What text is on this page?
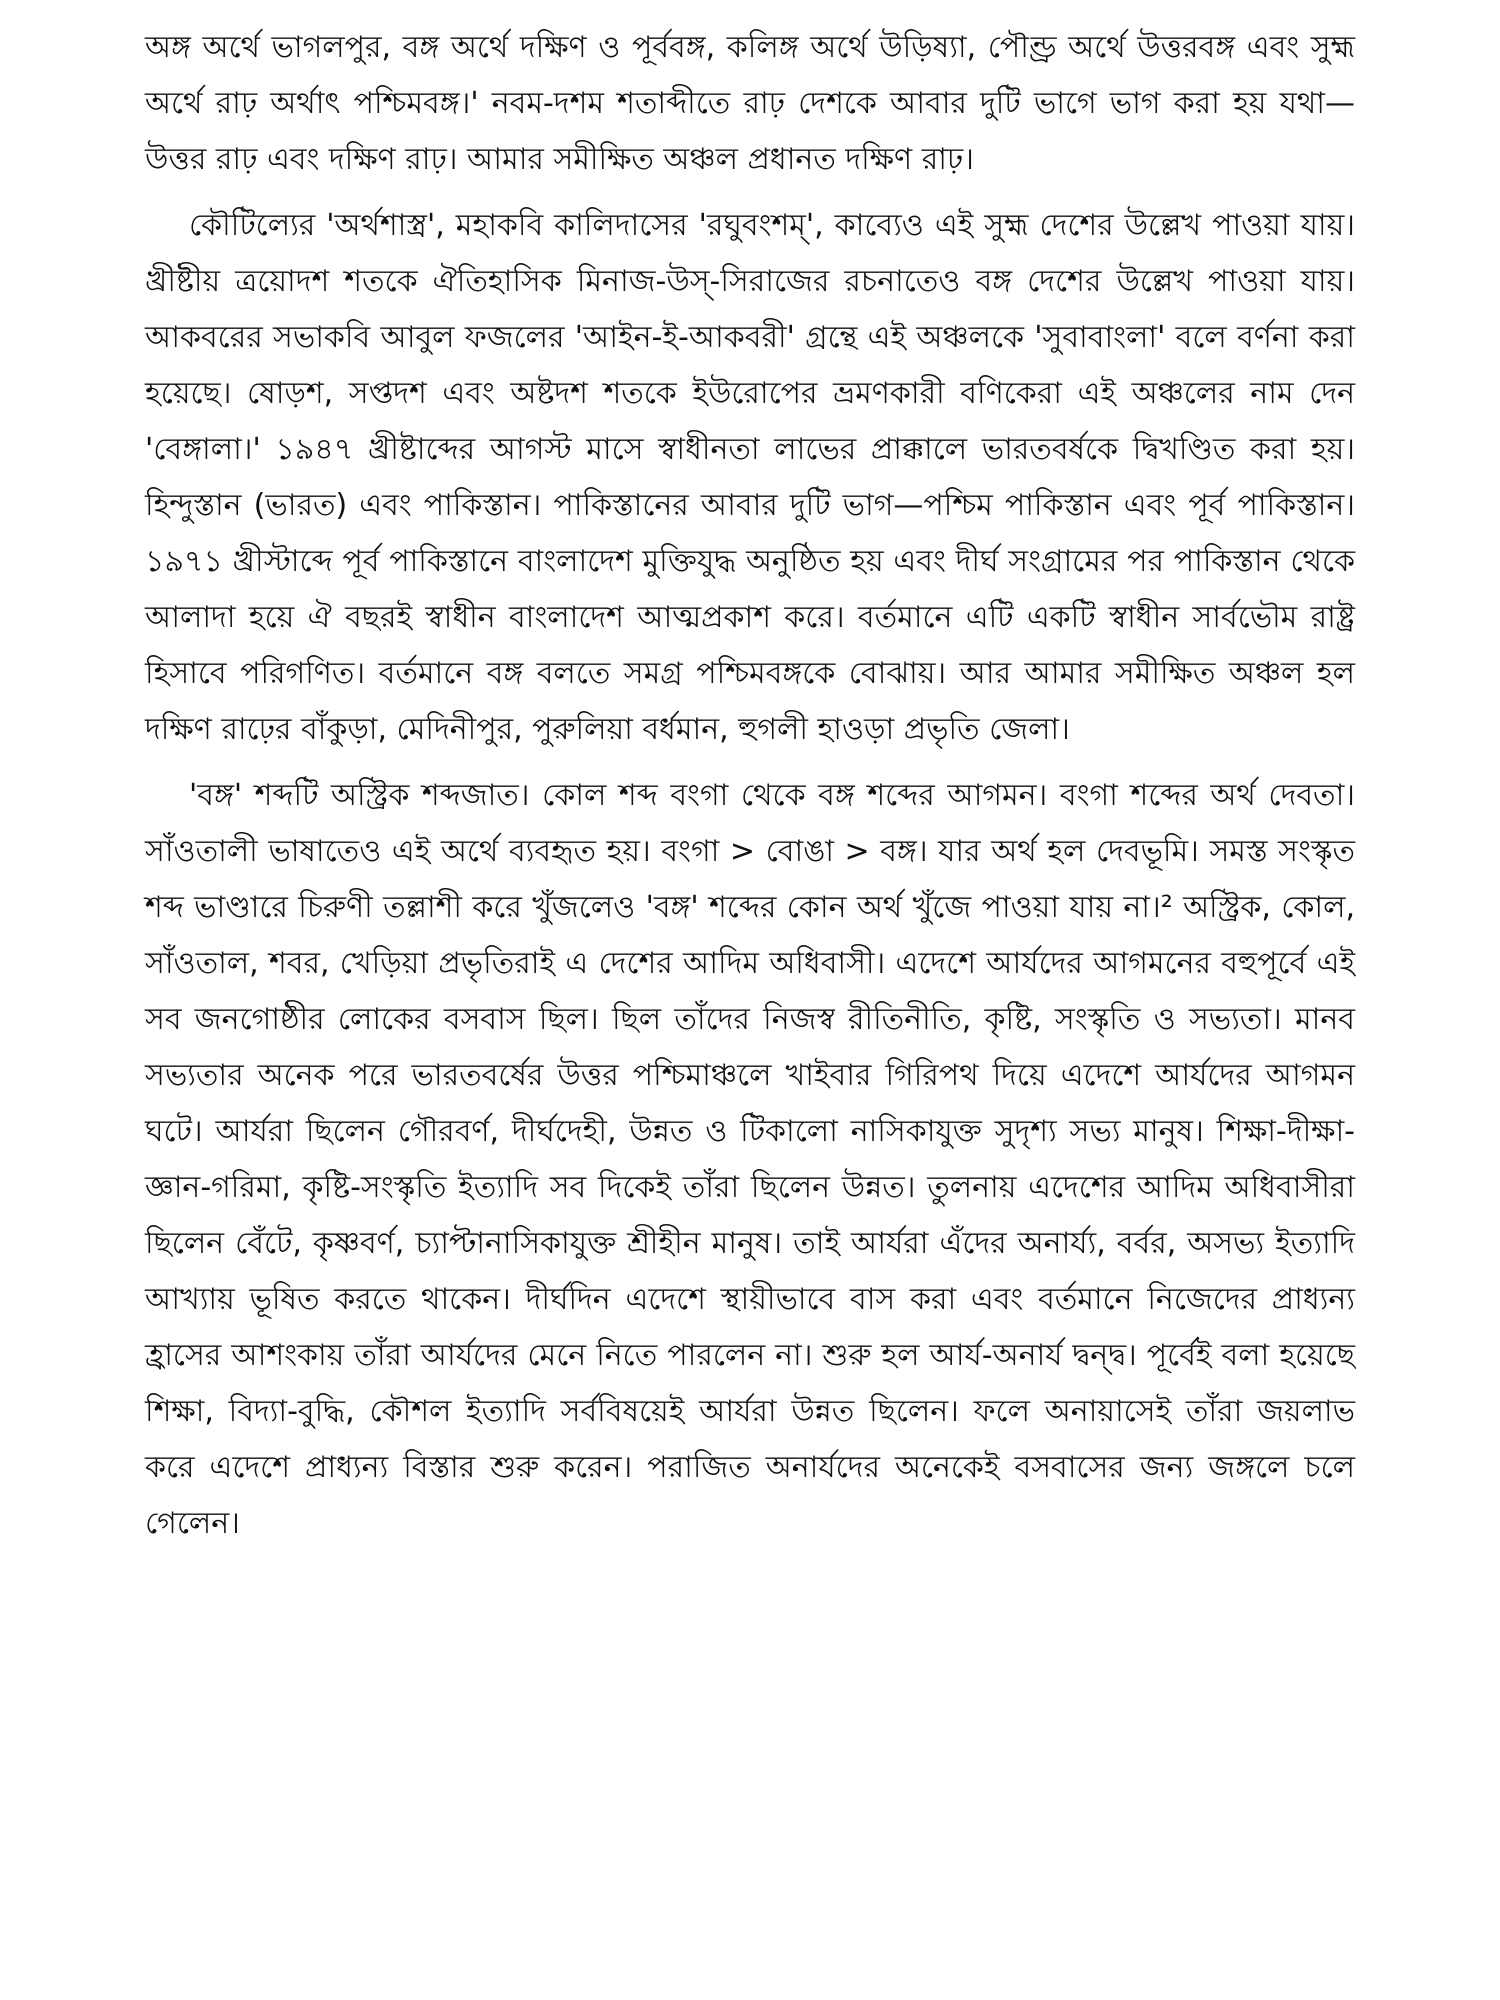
অঙ্গ অর্থে ভাগলপুর, বঙ্গ অর্থে দক্ষিণ ও পূর্ববঙ্গ, কলিঙ্গ অর্থে উড়িষ্যা, পৌণ্ড্র অর্থে উত্তরবঙ্গ এবং সুহ্ম অর্থে রাঢ় অর্থাৎ পশ্চিমবঙ্গ।' নবম-দশম শতাব্দীতে রাঢ় দেশকে আবার দুটি ভাগে ভাগ করা হয় যথা—উত্তর রাঢ় এবং দক্ষিণ রাঢ়। আমার সমীক্ষিত অঞ্চল প্রধানত দক্ষিণ রাঢ়।

কৌটিল্যের 'অর্থশাস্ত্র', মহাকবি কালিদাসের 'রঘুবংশম্', কাব্যেও এই সুহ্ম দেশের উল্লেখ পাওয়া যায়। খ্রীষ্টীয় ত্রয়োদশ শতকে ঐতিহাসিক মিনাজ-উস্-সিরাজের রচনাতেও বঙ্গ দেশের উল্লেখ পাওয়া যায়। আকবরের সভাকবি আবুল ফজলের 'আইন-ই-আকবরী' গ্রন্থে এই অঞ্চলকে 'সুবাবাংলা' বলে বর্ণনা করা হয়েছে। ষোড়শ, সপ্তদশ এবং অষ্টদশ শতকে ইউরোপের ভ্রমণকারী বণিকেরা এই অঞ্চলের নাম দেন 'বেঙ্গালা।' ১৯৪৭ খ্রীষ্টাব্দের আগস্ট মাসে স্বাধীনতা লাভের প্রাক্কালে ভারতবর্ষকে দ্বিখণ্ডিত করা হয়। হিন্দুস্তান (ভারত) এবং পাকিস্তান। পাকিস্তানের আবার দুটি ভাগ—পশ্চিম পাকিস্তান এবং পূর্ব পাকিস্তান। ১৯৭১ খ্রীস্টাব্দে পূর্ব পাকিস্তানে বাংলাদেশ মুক্তিযুদ্ধ অনুষ্ঠিত হয় এবং দীর্ঘ সংগ্রামের পর পাকিস্তান থেকে আলাদা হয়ে ঐ বছরই স্বাধীন বাংলাদেশ আত্মপ্রকাশ করে। বর্তমানে এটি একটি স্বাধীন সার্বভৌম রাষ্ট্র হিসাবে পরিগণিত। বর্তমানে বঙ্গ বলতে সমগ্র পশ্চিমবঙ্গকে বোঝায়। আর আমার সমীক্ষিত অঞ্চল হল দক্ষিণ রাঢ়ের বাঁকুড়া, মেদিনীপুর, পুরুলিয়া বর্ধমান, হুগলী হাওড়া প্রভৃতি জেলা।

'বঙ্গ' শব্দটি অস্ট্রিক শব্দজাত। কোল শব্দ বংগা থেকে বঙ্গ শব্দের আগমন। বংগা শব্দের অর্থ দেবতা। সাঁওতালী ভাষাতেও এই অর্থে ব্যবহৃত হয়। বংগা > বোঙা > বঙ্গ। যার অর্থ হল দেবভূমি। সমস্ত সংস্কৃত শব্দ ভাণ্ডারে চিরুণী তল্লাশী করে খুঁজলেও 'বঙ্গ' শব্দের কোন অর্থ খুঁজে পাওয়া যায় না।² অস্ট্রিক, কোল, সাঁওতাল, শবর, খেড়িয়া প্রভৃতিরাই এ দেশের আদিম অধিবাসী। এদেশে আর্যদের আগমনের বহুপূর্বে এই সব জনগোষ্ঠীর লোকের বসবাস ছিল। ছিল তাঁদের নিজস্ব রীতিনীতি, কৃষ্টি, সংস্কৃতি ও সভ্যতা। মানব সভ্যতার অনেক পরে ভারতবর্ষের উত্তর পশ্চিমাঞ্চলে খাইবার গিরিপথ দিয়ে এদেশে আর্যদের আগমন ঘটে। আর্যরা ছিলেন গৌরবর্ণ, দীর্ঘদেহী, উন্নত ও টিকালো নাসিকাযুক্ত সুদৃশ্য সভ্য মানুষ। শিক্ষা-দীক্ষা-জ্ঞান-গরিমা, কৃষ্টি-সংস্কৃতি ইত্যাদি সব দিকেই তাঁরা ছিলেন উন্নত। তুলনায় এদেশের আদিম অধিবাসীরা ছিলেন বেঁটে, কৃষ্ণবর্ণ, চ্যাপ্টানাসিকাযুক্ত শ্রীহীন মানুষ। তাই আর্যরা এঁদের অনার্য্য, বর্বর, অসভ্য ইত্যাদি আখ্যায় ভূষিত করতে থাকেন। দীর্ঘদিন এদেশে স্থায়ীভাবে বাস করা এবং বর্তমানে নিজেদের প্রাধ্যন্য হ্রাসের আশংকায় তাঁরা আর্যদের মেনে নিতে পারলেন না। শুরু হল আর্য-অনার্য দ্বন্দ্ব। পূর্বেই বলা হয়েছে শিক্ষা, বিদ্যা-বুদ্ধি, কৌশল ইত্যাদি সর্ববিষয়েই আর্যরা উন্নত ছিলেন। ফলে অনায়াসেই তাঁরা জয়লাভ করে এদেশে প্রাধ্যন্য বিস্তার শুরু করেন। পরাজিত অনার্যদের অনেকেই বসবাসের জন্য জঙ্গলে চলে গেলেন।
